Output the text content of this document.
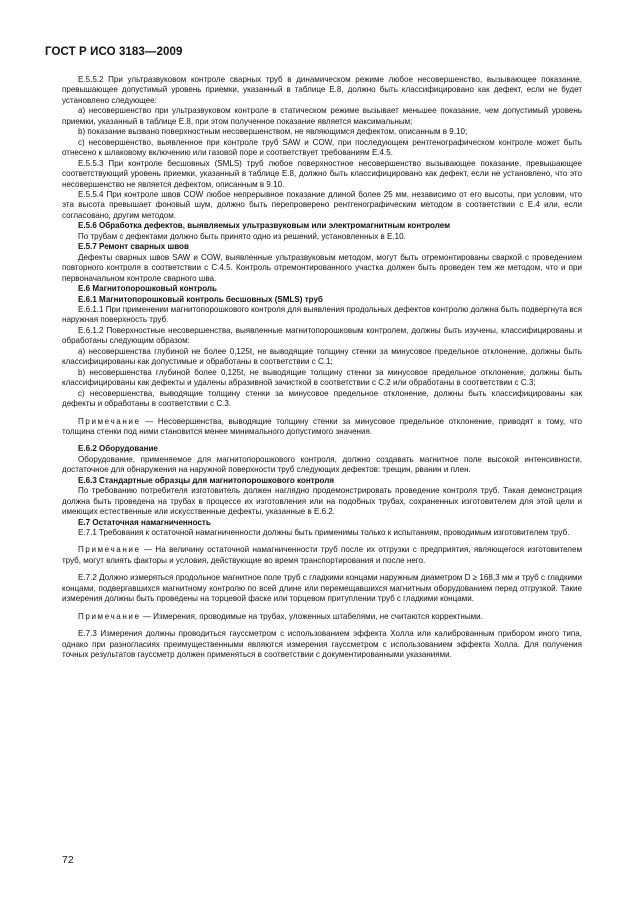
ГОСТ Р ИСО 3183—2009

E.5.5.2 При ультразвуковом контроле сварных труб в динамическом режиме любое несовершенство, вызывающее показание, превышающее допустимый уровень приемки, указанный в таблице Е.8, должно быть классифицировано как дефект, если не будет установлено следующее:

а) несовершенство при ультразвуковом контроле в статическом режиме вызывает меньшее показание, чем допустимый уровень приемки, указанный в таблице Е.8, при этом полученное показание является максимальным;

b) показание вызвано поверхностным несовершенством, не являющимся дефектом, описанным в 9.10;

с) несовершенство, выявленное при контроле труб SAW и COW, при последующем рентгенографическом контроле может быть отнесено к шлаковому включению или газовой поре и соответствует требованиям Е.4.5.

Е.5.5.3 При контроле бесшовных (SMLS) труб любое поверхностное несовершенство вызывающее показание, превышающее соответствующий уровень приемки, указанный в таблице Е.8, должно быть классифицировано как дефект, если не установлено, что это несовершенство не является дефектом, описанным в 9.10.

Е.5.5.4 При контроле швов COW любое непрерывное показание длиной более 25 мм, независимо от его высоты, при условии, что эта высота превышает фоновый шум, должно быть перепроверено рентгенографическим методом в соответствии с Е.4 или, если согласовано, другим методом.

Е.5.6 Обработка дефектов, выявляемых ультразвуковым или электромагнитным контролем

По трубам с дефектами должно быть принято одно из решений, установленных в Е.10.

Е.5.7 Ремонт сварных швов

Дефекты сварных швов SAW и COW, выявленные ультразвуковым методом, могут быть отремонтированы сваркой с проведением повторного контроля в соответствии с С.4.5. Контроль отремонтированного участка должен быть проведен тем же методом, что и при первоначальном контроле сварного шва.

Е.6 Магнитопорошковый контроль

Е.6.1 Магнитопорошковый контроль бесшовных (SMLS) труб

Е.6.1.1 При применении магнитопорошкового контроля для выявления продольных дефектов контролю должна быть подвергнута вся наружная поверхность труб.

Е.6.1.2 Поверхностные несовершенства, выявленные магнитопорошковым контролем, должны быть изучены, классифицированы и обработаны следующим образом:

а) несовершенства глубиной не более 0,125t, не выводящие толщину стенки за минусовое предельное отклонение, должны быть классифицированы как допустимые и обработаны в соответствии с С.1;

b) несовершенства глубиной более 0,125t, не выводящие толщину стенки за минусовое предельное отклонение, должны быть классифицированы как дефекты и удалены абразивной зачисткой в соответствии с С.2 или обработаны в соответствии с С.3;

с) несовершенства, выводящие толщину стенки за минусовое предельное отклонение, должны быть классифицированы как дефекты и обработаны в соответствии с С.3.

Примечание — Несовершенства, выводящие толщину стенки за минусовое предельное отклонение, приводят к тому, что толщина стенки под ними становится менее минимального допустимого значения.

Е.6.2 Оборудование

Оборудование, применяемое для магнитопорошкового контроля, должно создавать магнитное поле высокой интенсивности, достаточное для обнаружения на наружной поверхности труб следующих дефектов: трещин, рванин и плен.

Е.6.3 Стандартные образцы для магнитопорошкового контроля

По требованию потребителя изготовитель должен наглядно продемонстрировать проведение контроля труб. Такая демонстрация должна быть проведена на трубах в процессе их изготовления или на подобных трубах, сохраненных изготовителем для этой цели и имеющих естественные или искусственные дефекты, указанные в Е.6.2.

Е.7 Остаточная намагниченность

Е.7.1 Требования к остаточной намагниченности должны быть применимы только к испытаниям, проводимым изготовителем труб.

Примечание — На величину остаточной намагниченности труб после их отгрузки с предприятия, являющегося изготовителем труб, могут влиять факторы и условия, действующие во время транспортирования и после него.

Е.7.2 Должно измеряться продольное магнитное поле труб с гладкими концами наружным диаметром D ≥ 168,3 мм и труб с гладкими концами, подвергавшихся магнитному контролю по всей длине или перемещавшихся магнитным оборудованием перед отгрузкой. Такие измерения должны быть проведены на торцевой фаске или торцевом притуплении труб с гладкими концами.

Примечание — Измерения, проводимые на трубах, уложенных штабелями, не считаются корректными.

Е.7.3 Измерения должны проводиться гауссметром с использованием эффекта Холла или калиброванным прибором иного типа, однако при разногласиях преимущественными являются измерения гауссметром с использованием эффекта Холла. Для получения точных результатов гауссметр должен применяться в соответствии с документированными указаниями.

72
